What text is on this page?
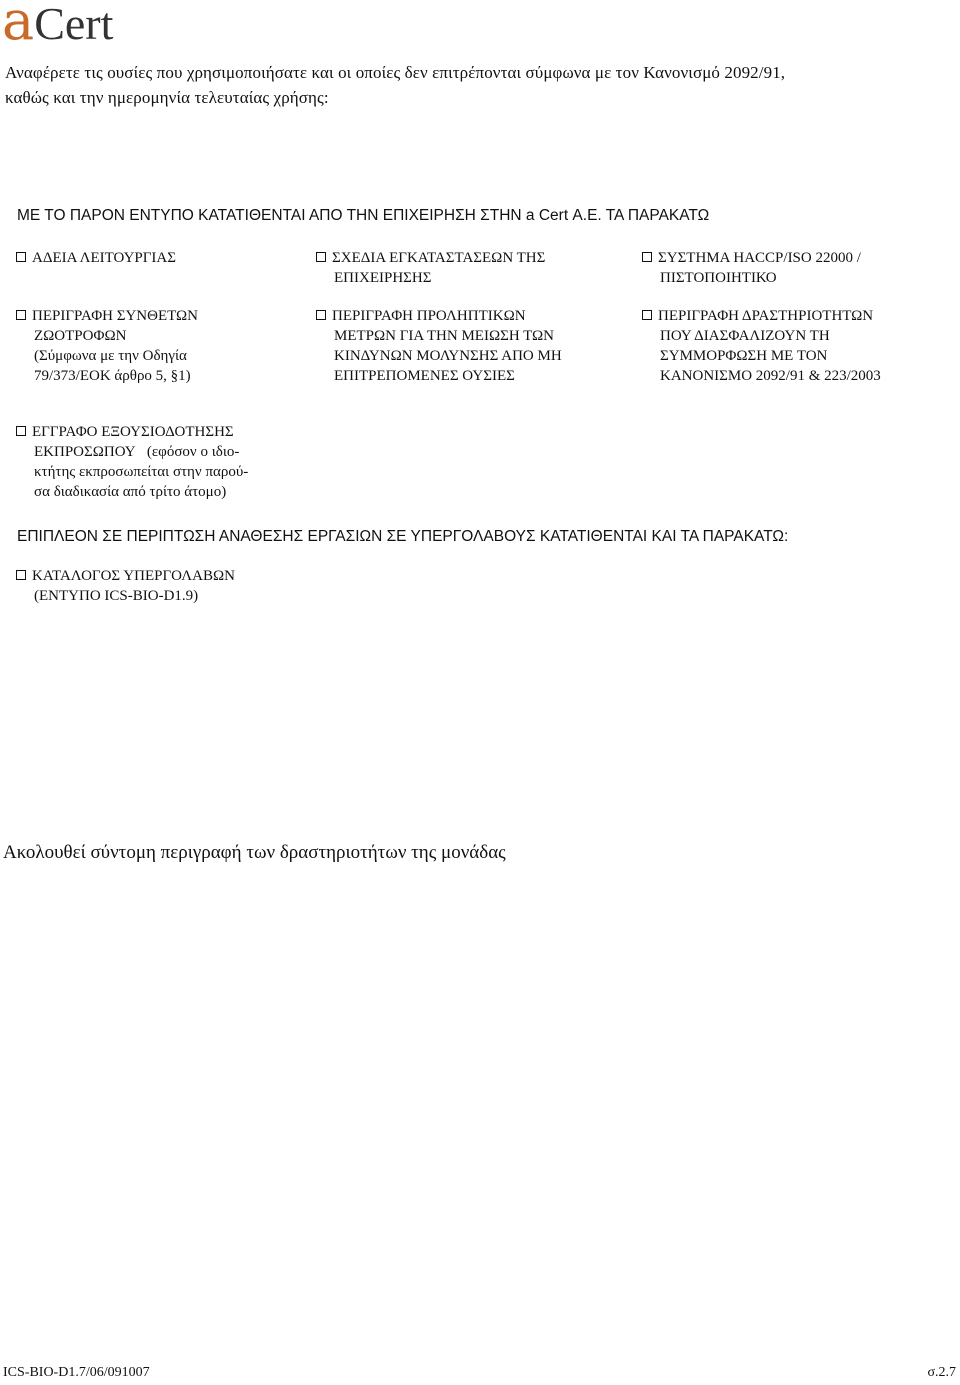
aCert
Αναφέρετε τις ουσίες που χρησιμοποιήσατε και οι οποίες δεν επιτρέπονται σύμφωνα με τον Κανονισμό 2092/91,
καθώς και την ημερομηνία τελευταίας χρήσης:
ΜΕ ΤΟ ΠΑΡΟΝ ΕΝΤΥΠΟ ΚΑΤΑΤΙΘΕΝΤΑΙ ΑΠΟ ΤΗΝ ΕΠΙΧΕΙΡΗΣΗ ΣΤΗΝ a Cert Α.Ε. ΤΑ ΠΑΡΑΚΑΤΩ
ΑΔΕΙΑ ΛΕΙΤΟΥΡΓΙΑΣ	ΣΧΕΔΙΑ ΕΓΚΑΤΑΣΤΑΣΕΩΝ ΤΗΣ
ΕΠΙΧΕΙΡΗΣΗΣ
ΣΥΣΤΗΜΑ HACCP/ISO 22000 /
ΠΙΣΤΟΠΟΙΗΤΙΚΟ
ΠΕΡΙΓΡΑΦΗ ΣΥΝΘΕΤΩΝ
ΖΩΟΤΡΟΦΩΝ
(Σύμφωνα με την Οδηγία
79/373/ΕΟΚ άρθρο 5, §1)
ΠΕΡΙΓΡΑΦΗ ΠΡΟΛΗΠΤΙΚΩΝ
ΜΕΤΡΩΝ ΓΙΑ ΤΗΝ ΜΕΙΩΣΗ ΤΩΝ
ΚΙΝΔΥΝΩΝ ΜΟΛΥΝΣΗΣ ΑΠΟ ΜΗ
ΕΠΙΤΡΕΠΟΜΕΝΕΣ ΟΥΣΙΕΣ
ΠΕΡΙΓΡΑΦΗ ΔΡΑΣΤΗΡΙΟΤΗΤΩΝ
ΠΟΥ ΔΙΑΣΦΑΛΙΖΟΥΝ ΤΗ
ΣΥΜΜΟΡΦΩΣΗ ΜΕ ΤΟΝ
ΚΑΝΟΝΙΣΜΟ 2092/91 & 223/2003
ΕΓΓΡΑΦΟ ΕΞΟΥΣΙΟΔΟΤΗΣΗΣ
ΕΚΠΡΟΣΩΠΟΥ (εφόσον ο ιδιο-
κτήτης εκπροσωπείται στην παρού-
σα διαδικασία από τρίτο άτομο)
ΕΠΙΠΛΕΟΝ ΣΕ ΠΕΡΙΠΤΩΣΗ ΑΝΑΘΕΣΗΣ ΕΡΓΑΣΙΩΝ ΣΕ ΥΠΕΡΓΟΛΑΒΟΥΣ ΚΑΤΑΤΙΘΕΝΤΑΙ ΚΑΙ ΤΑ ΠΑΡΑΚΑΤΩ:
ΚΑΤΑΛΟΓΟΣ ΥΠΕΡΓΟΛΑΒΩΝ
(ΕΝΤΥΠΟ ICS-BIO-D1.9)
Ακολουθεί σύντομη περιγραφή των δραστηριοτήτων της μονάδας
ICS-BIO-D1.7/06/091007	σ.2.7
